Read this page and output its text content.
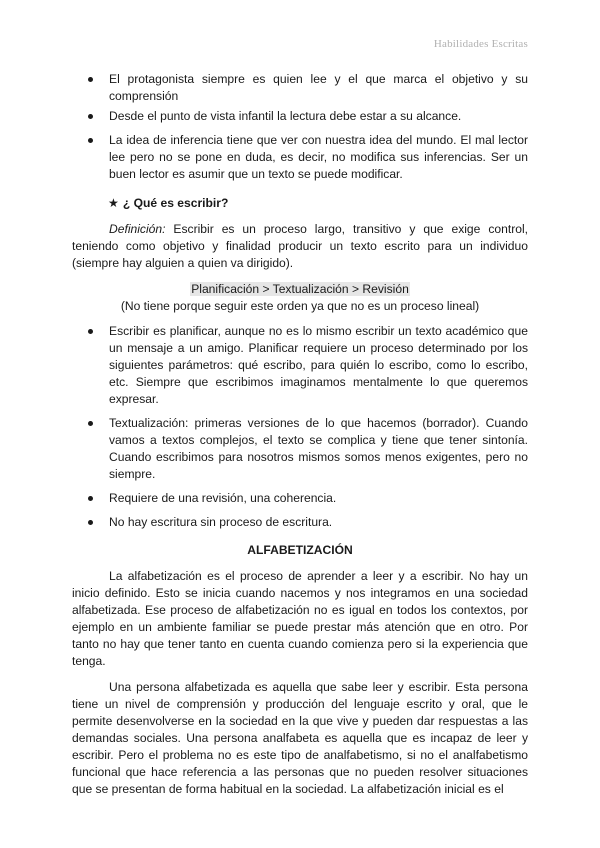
Habilidades Escritas
El protagonista siempre es quien lee y el que marca el objetivo y su comprensión
Desde el punto de vista infantil la lectura debe estar a su alcance.
La idea de inferencia tiene que ver con nuestra idea del mundo. El mal lector lee pero no se pone en duda, es decir, no modifica sus inferencias. Ser un buen lector es asumir que un texto se puede modificar.
★ ¿ Qué es escribir?

Definición: Escribir es un proceso largo, transitivo y que exige control, teniendo como objetivo y finalidad producir un texto escrito para un individuo (siempre hay alguien a quien va dirigido).

Planificación > Textualización > Revisión
(No tiene porque seguir este orden ya que no es un proceso lineal)
Escribir es planificar, aunque no es lo mismo escribir un texto académico que un mensaje a un amigo. Planificar requiere un proceso determinado por los siguientes parámetros: qué escribo, para quién lo escribo, como lo escribo, etc. Siempre que escribimos imaginamos mentalmente lo que queremos expresar.
Textualización: primeras versiones de lo que hacemos (borrador). Cuando vamos a textos complejos, el texto se complica y tiene que tener sintonía. Cuando escribimos para nosotros mismos somos menos exigentes, pero no siempre.
Requiere de una revisión, una coherencia.
No hay escritura sin proceso de escritura.
ALFABETIZACIÓN

La alfabetización es el proceso de aprender a leer y a escribir. No hay un inicio definido. Esto se inicia cuando nacemos y nos integramos en una sociedad alfabetizada. Ese proceso de alfabetización no es igual en todos los contextos, por ejemplo en un ambiente familiar se puede prestar más atención que en otro. Por tanto no hay que tener tanto en cuenta cuando comienza pero si la experiencia que tenga.

Una persona alfabetizada es aquella que sabe leer y escribir. Esta persona tiene un nivel de comprensión y producción del lenguaje escrito y oral, que le permite desenvolverse en la sociedad en la que vive y pueden dar respuestas a las demandas sociales. Una persona analfabeta es aquella que es incapaz de leer y escribir. Pero el problema no es este tipo de analfabetismo, si no el analfabetismo funcional que hace referencia a las personas que no pueden resolver situaciones que se presentan de forma habitual en la sociedad. La alfabetización inicial es el
